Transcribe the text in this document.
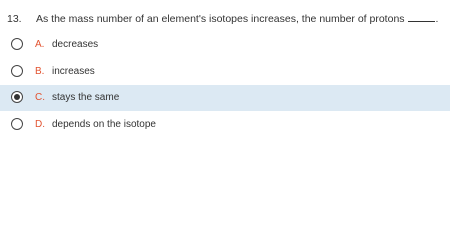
13. As the mass number of an element's isotopes increases, the number of protons	.
A. decreases
B. increases
C. stays the same
D. depends on the isotope
